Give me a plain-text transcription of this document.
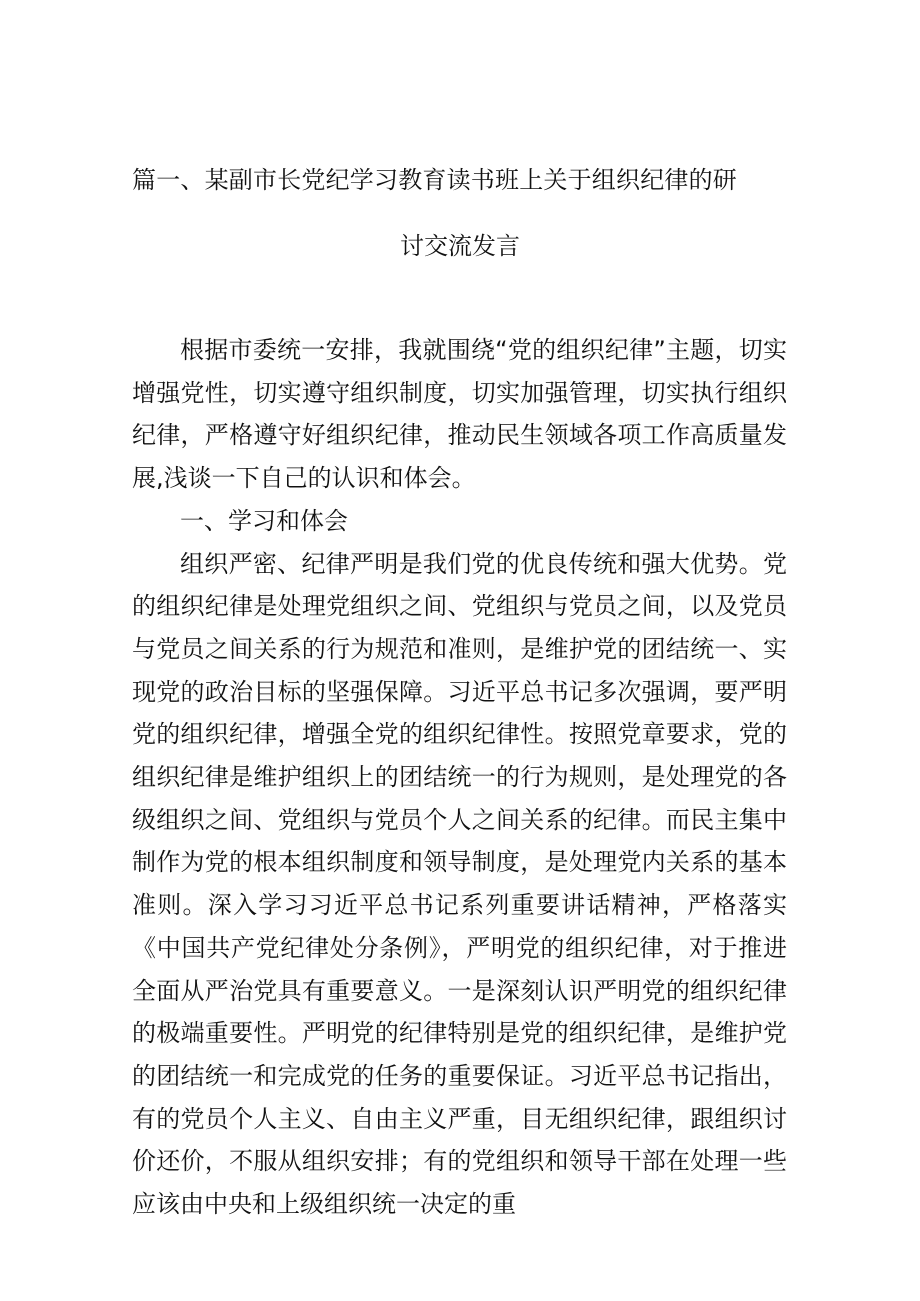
篇一、某副市长党纪学习教育读书班上关于组织纪律的研
讨交流发言

根据市委统一安排，我就围绕“党的组织纪律”主题，切实增强党性，切实遵守组织制度，切实加强管理，切实执行组织纪律，严格遵守好组织纪律，推动民生领域各项工作高质量发展,浅谈一下自己的认识和体会。

一、学习和体会

组织严密、纪律严明是我们党的优良传统和强大优势。党的组织纪律是处理党组织之间、党组织与党员之间，以及党员与党员之间关系的行为规范和准则，是维护党的团结统一、实现党的政治目标的坚强保障。习近平总书记多次强调，要严明党的组织纪律，增强全党的组织纪律性。按照党章要求，党的组织纪律是维护组织上的团结统一的行为规则，是处理党的各级组织之间、党组织与党员个人之间关系的纪律。而民主集中制作为党的根本组织制度和领导制度，是处理党内关系的基本准则。深入学习习近平总书记系列重要讲话精神，严格落实《中国共产党纪律处分条例》，严明党的组织纪律，对于推进全面从严治党具有重要意义。一是深刻认识严明党的组织纪律的极端重要性。严明党的纪律特别是党的组织纪律，是维护党的团结统一和完成党的任务的重要保证。习近平总书记指出，有的党员个人主义、自由主义严重，目无组织纪律，跟组织讨价还价，不服从组织安排；有的党组织和领导干部在处理一些应该由中央和上级组织统一决定的重
